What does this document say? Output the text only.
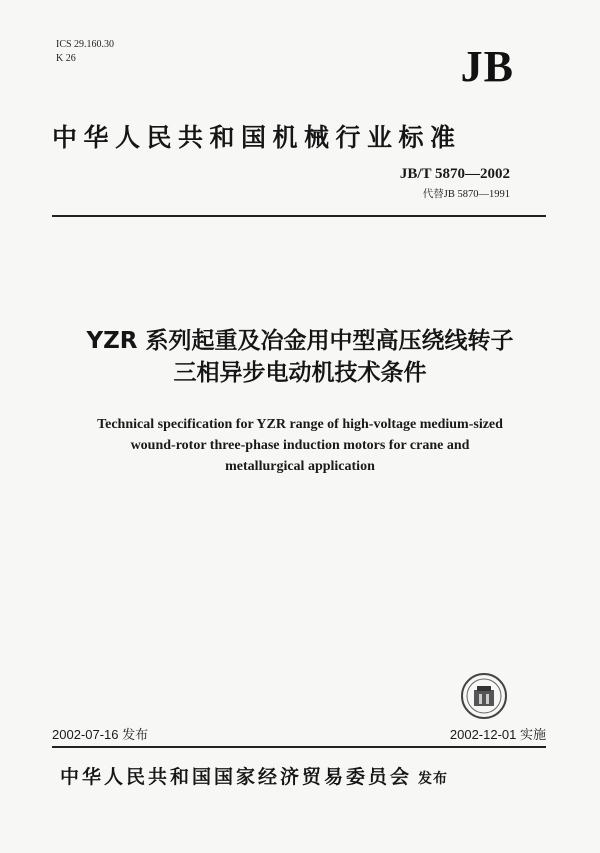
ICS 29.160.30
K 26	JB
中华人民共和国机械行业标准
JB/T 5870—2002
代替JB 5870—1991
YZR 系列起重及冶金用中型高压绕线转子
三相异步电动机技术条件
Technical specification for YZR range of high-voltage medium-sized
wound-rotor three-phase induction motors for crane and
metallurgical application
2002-07-16 发布	2002-12-01 实施
中华人民共和国国家经济贸易委员会 发布
